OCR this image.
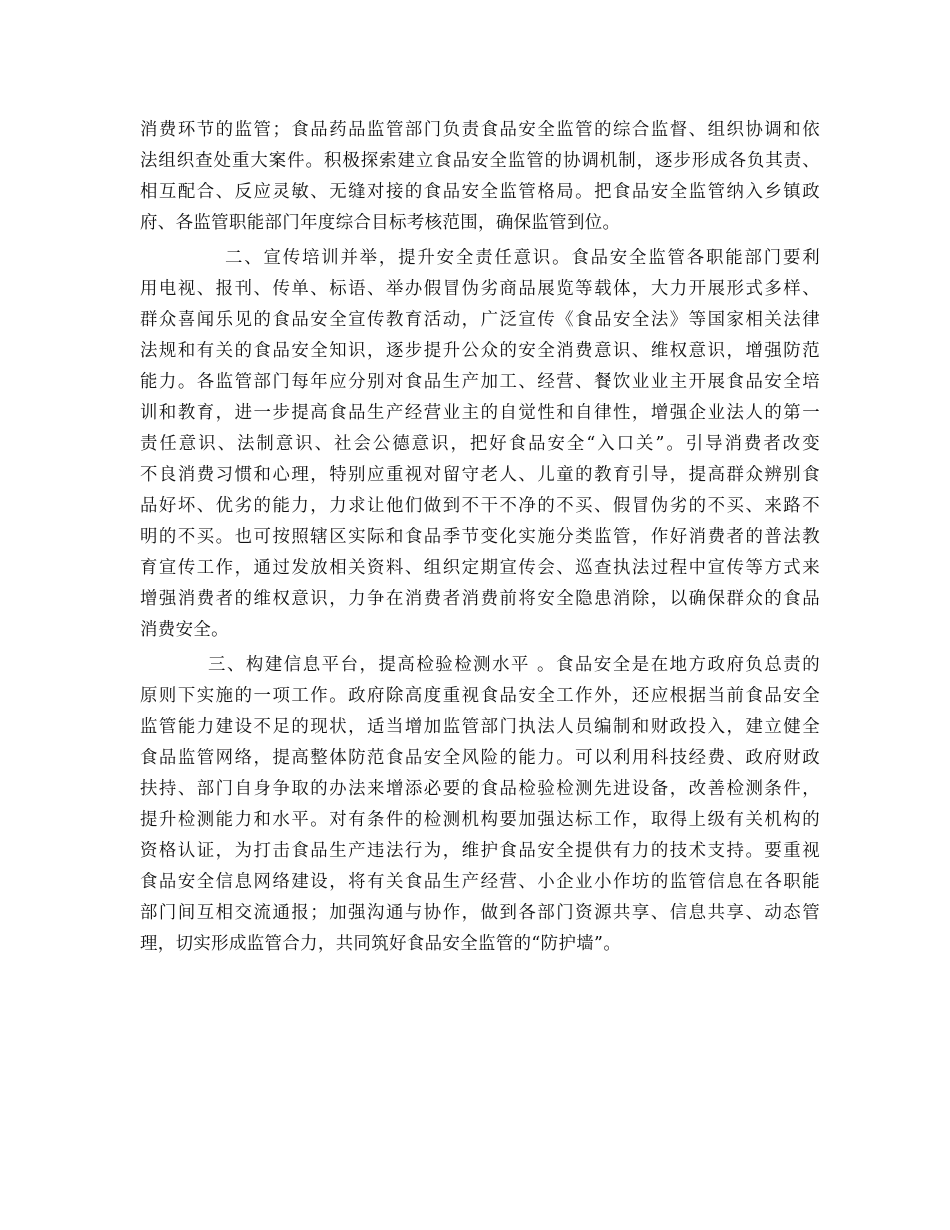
消费环节的监管；食品药品监管部门负责食品安全监管的综合监督、组织协调和依
法组织查处重大案件。积极探索建立食品安全监管的协调机制，逐步形成各负其责、
相互配合、反应灵敏、无缝对接的食品安全监管格局。把食品安全监管纳入乡镇政
府、各监管职能部门年度综合目标考核范围，确保监管到位。
二、宣传培训并举，提升安全责任意识。食品安全监管各职能部门要利
用电视、报刊、传单、标语、举办假冒伪劣商品展览等载体，大力开展形式多样、
群众喜闻乐见的食品安全宣传教育活动，广泛宣传《食品安全法》等国家相关法律
法规和有关的食品安全知识，逐步提升公众的安全消费意识、维权意识，增强防范
能力。各监管部门每年应分别对食品生产加工、经营、餐饮业业主开展食品安全培
训和教育，进一步提高食品生产经营业主的自觉性和自律性，增强企业法人的第一
责任意识、法制意识、社会公德意识，把好食品安全“入口关”。引导消费者改变
不良消费习惯和心理，特别应重视对留守老人、儿童的教育引导，提高群众辨别食
品好坏、优劣的能力，力求让他们做到不干不净的不买、假冒伪劣的不买、来路不
明的不买。也可按照辖区实际和食品季节变化实施分类监管，作好消费者的普法教
育宣传工作，通过发放相关资料、组织定期宣传会、巡查执法过程中宣传等方式来
增强消费者的维权意识，力争在消费者消费前将安全隐患消除，以确保群众的食品
消费安全。
三、构建信息平台，提高检验检测水平 。食品安全是在地方政府负总责的
原则下实施的一项工作。政府除高度重视食品安全工作外，还应根据当前食品安全
监管能力建设不足的现状，适当增加监管部门执法人员编制和财政投入，建立健全
食品监管网络，提高整体防范食品安全风险的能力。可以利用科技经费、政府财政
扶持、部门自身争取的办法来增添必要的食品检验检测先进设备，改善检测条件，
提升检测能力和水平。对有条件的检测机构要加强达标工作，取得上级有关机构的
资格认证，为打击食品生产违法行为，维护食品安全提供有力的技术支持。要重视
食品安全信息网络建设，将有关食品生产经营、小企业小作坊的监管信息在各职能
部门间互相交流通报；加强沟通与协作，做到各部门资源共享、信息共享、动态管
理，切实形成监管合力，共同筑好食品安全监管的“防护墙”。
